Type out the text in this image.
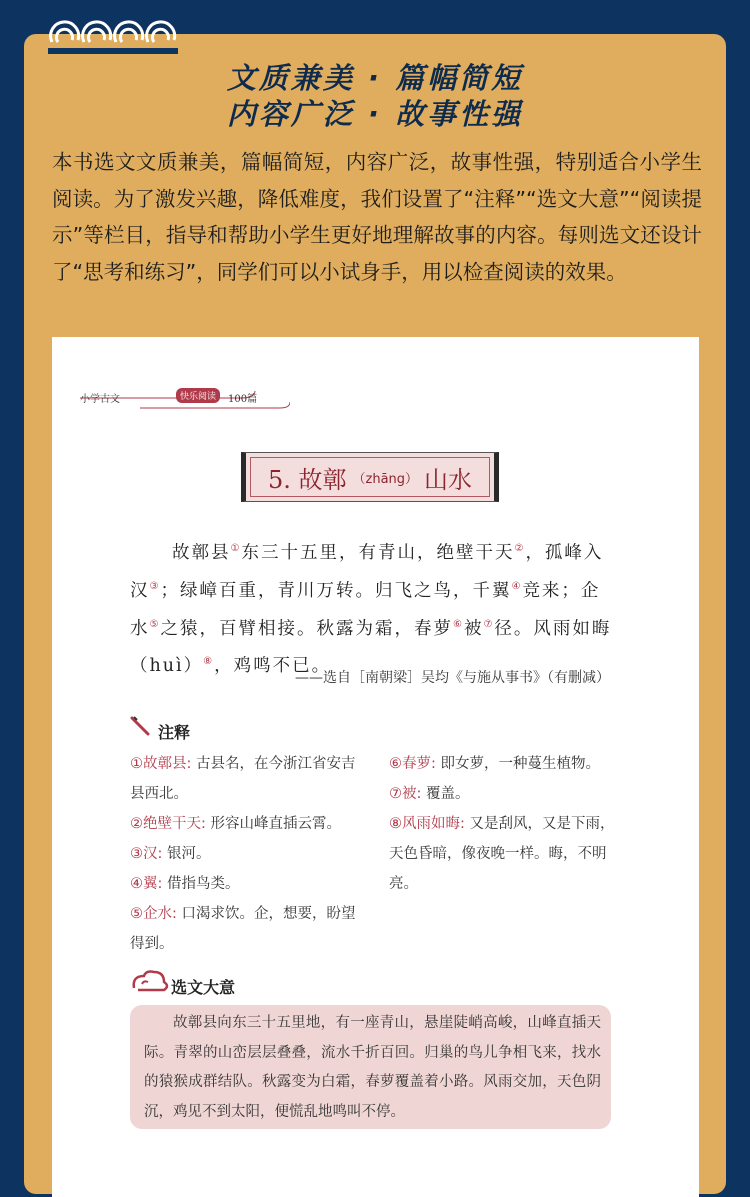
文质兼美 · 篇幅简短
内容广泛 · 故事性强
本书选文文质兼美，篇幅简短，内容广泛，故事性强，特别适合小学生阅读。为了激发兴趣，降低难度，我们设置了“注释”“选文大意”“阅读提示”等栏目，指导和帮助小学生更好地理解故事的内容。每则选文还设计了“思考和练习”，同学们可以小试身手，用以检查阅读的效果。
小学古文	快乐阅读	100篇
5. 故鄣 （zhāng） 山水
故鄣县①东三十五里，有青山，绝壁干天②，孤峰入汉③；绿嶂百重，青川万转。归飞之鸟，千翼④竞来；企水⑤之猿，百臂相接。秋露为霜，春萝⑥被⑦径。风雨如晦（huì）⑧，鸡鸣不已。
——选自［南朝梁］吴均《与施从事书》（有删减）
注释
①故鄣县: 古县名，在今浙江省安吉县西北。
②绝壁干天: 形容山峰直插云霄。
③汉: 银河。
④翼: 借指鸟类。
⑤企水: 口渴求饮。企，想要，盼望得到。
⑥春萝: 即女萝，一种蔓生植物。
⑦被: 覆盖。
⑧风雨如晦: 又是刮风，又是下雨，天色昏暗，像夜晚一样。晦，不明亮。
选文大意
故鄣县向东三十五里地，有一座青山，悬崖陡峭高峻，山峰直插天际。青翠的山峦层层叠叠，流水千折百回。归巢的鸟儿争相飞来，找水的猿猴成群结队。秋露变为白霜，春萝覆盖着小路。风雨交加，天色阴沉，鸡见不到太阳，便慌乱地鸣叫不停。
